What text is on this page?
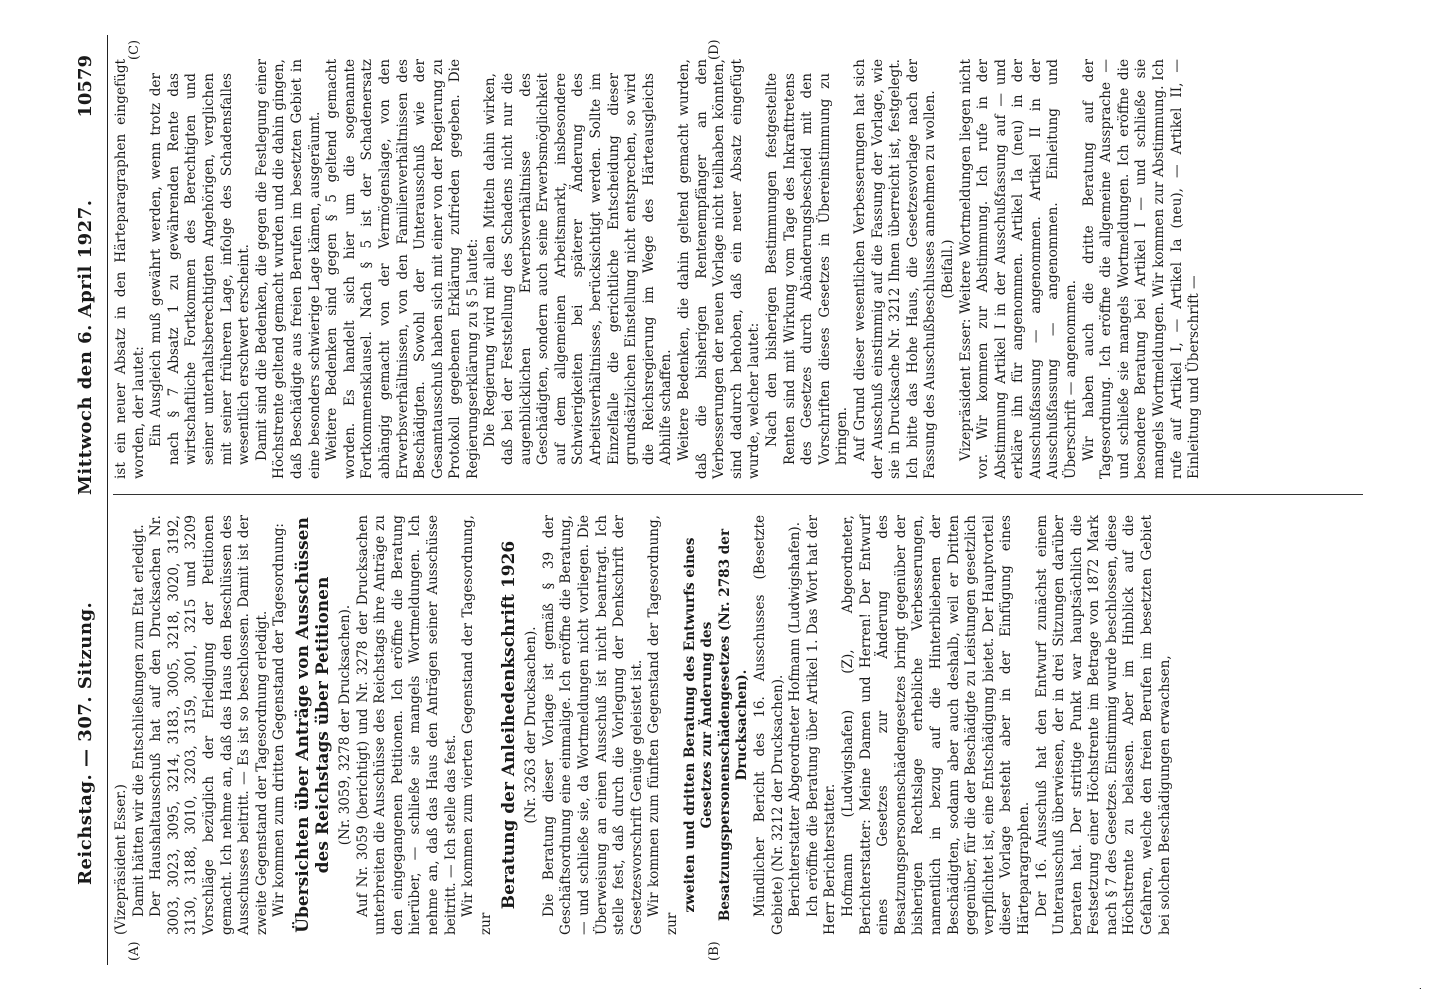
Reichstag. — 307. Sitzung.
Mittwoch den 6. April 1927.
10579
(A)	(B)
(C)	(D)

(Vizepräsident Esser.) Damit hätten wir die Entschließungen zum Etat erledigt. Der Haushaltausschuß hat auf den Drucksachen Nr. 3003, 3023, 3095, 3214, 3183, 3005, 3218, 3020, 3192, 3130, 3188, 3010, 3203, 3159, 3001, 3215 und 3209 Vorschläge bezüglich der Erledigung der Petitionen gemacht. Ich nehme an, daß das Haus den Beschlüssen des Ausschusses beitritt. — Es ist so beschlossen. Damit ist der zweite Gegenstand der Tagesordnung erledigt. Wir kommen zum dritten Gegenstand der Tagesordnung: Übersichten über Anträge von Ausschüssen des Reichstags über Petitionen (Nr. 3059, 3278 der Drucksachen). Auf Nr. 3059 (berichtigt) und Nr. 3278 der Drucksachen unterbreiten die Ausschüsse des Reichstags ihre Anträge zu den eingegangenen Petitionen. Ich eröffne die Beratung hierüber, — schließe sie mangels Wortmeldungen. Ich nehme an, daß das Haus den Anträgen seiner Ausschüsse beitritt. — Ich stelle das fest. Wir kommen zum vierten Gegenstand der Tagesordnung, zur

Beratung der Anleihedenkschrift 1926 (Nr. 3263 der Drucksachen). Die Beratung dieser Vorlage ist gemäß § 39 der Geschäftsordnung eine einmalige. Ich eröffne die Beratung, — und schließe sie, da Wortmeldungen nicht vorliegen. Die Überweisung an einen Ausschuß ist nicht beantragt. Ich stelle fest, daß durch die Vorlegung der Denkschrift der Gesetzesvorschrift Genüge geleistet ist. Wir kommen zum fünften Gegenstand der Tagesordnung, zur

zweiten und dritten Beratung des Entwurfs eines Gesetzes zur Änderung des Besatzungspersonenschädengesetzes (Nr. 2783 der Drucksachen). Mündlicher Bericht des 16. Ausschusses (Besetzte Gebiete) (Nr. 3212 der Drucksachen). Berichterstatter Abgeordneter Hofmann (Ludwigshafen). Ich eröffne die Beratung über Artikel 1. Das Wort hat der Herr Berichterstatter. Hofmann (Ludwigshafen) (Z), Abgeordneter, Berichterstatter: Meine Damen und Herren! Der Entwurf eines Gesetzes zur Änderung des Besatzungspersonenschädengesetzes bringt gegenüber der bisherigen Rechtslage erhebliche Verbesserungen, namentlich in bezug auf die Hinterbliebenen der Beschädigten, sodann aber auch deshalb, weil er Dritten gegenüber, für die der Beschädigte zu Leistungen gesetzlich verpflichtet ist, eine Entschädigung bietet. Der Hauptvorteil dieser Vorlage besteht aber in der Einfügung eines Härteparagraphen. Der 16. Ausschuß hat den Entwurf zunächst einem Unterausschuß überwiesen, der in drei Sitzungen darüber beraten hat. Der strittige Punkt war hauptsächlich die Festsetzung einer Höchstrente im Betrage von 1872 Mark nach § 7 des Gesetzes. Einstimmig wurde beschlossen, diese Höchstrente zu belassen. Aber im Hinblick auf die Gefahren, welche den freien Berufen im besetzten Gebiet bei solchen Beschädigungen erwachsen,

ist ein neuer Absatz in den Härteparagraphen eingefügt worden, der lautet: Ein Ausgleich muß gewährt werden, wenn trotz der nach § 7 Absatz 1 zu gewährenden Rente das wirtschaftliche Fortkommen des Berechtigten und seiner unterhaltsberechtigten Angehörigen, verglichen mit seiner früheren Lage, infolge des Schadensfalles wesentlich erschwert erscheint. Damit sind die Bedenken, die gegen die Festlegung einer Höchstrente geltend gemacht wurden und die dahin gingen, daß Beschädigte aus freien Berufen im besetzten Gebiet in eine besonders schwierige Lage kämen, ausgeräumt. Weitere Bedenken sind gegen § 5 geltend gemacht worden. Es handelt sich hier um die sogenannte Fortkommensklausel. Nach § 5 ist der Schadenersatz abhängig gemacht von der Vermögenslage, von den Erwerbsverhältnissen, von den Familienverhältnissen des Beschädigten. Sowohl der Unterausschuß wie der Gesamtausschuß haben sich mit einer von der Regierung zu Protokoll gegebenen Erklärung zufrieden gegeben. Die Regierungserklärung zu § 5 lautet: Die Regierung wird mit allen Mitteln dahin wirken, daß bei der Feststellung des Schadens nicht nur die augenblicklichen Erwerbsverhältnisse des Geschädigten, sondern auch seine Erwerbsmöglichkeit auf dem allgemeinen Arbeitsmarkt, insbesondere Schwierigkeiten bei späterer Änderung des Arbeitsverhältnisses, berücksichtigt werden. Sollte im Einzelfalle die gerichtliche Entscheidung dieser grundsätzlichen Einstellung nicht entsprechen, so wird die Reichsregierung im Wege des Härteausgleichs Abhilfe schaffen. Weitere Bedenken, die dahin geltend gemacht wurden, daß die bisherigen Rentenempfänger an den Verbesserungen der neuen Vorlage nicht teilhaben könnten, sind dadurch behoben, daß ein neuer Absatz eingefügt wurde, welcher lautet: Nach den bisherigen Bestimmungen festgestellte Renten sind mit Wirkung vom Tage des Inkrafttretens des Gesetzes durch Abänderungsbescheid mit den Vorschriften dieses Gesetzes in Übereinstimmung zu bringen. Auf Grund dieser wesentlichen Verbesserungen hat sich der Ausschuß einstimmig auf die Fassung der Vorlage, wie sie in Drucksache Nr. 3212 Ihnen überreicht ist, festgelegt. Ich bitte das Hohe Haus, die Gesetzesvorlage nach der Fassung des Ausschußbeschlusses annehmen zu wollen. (Beifall.) Vizepräsident Esser: Weitere Wortmeldungen liegen nicht vor. Wir kommen zur Abstimmung. Ich rufe in der Abstimmung Artikel I in der Ausschußfassung auf — und erkläre ihn für angenommen. Artikel Ia (neu) in der Ausschußfassung — angenommen. Artikel II in der Ausschußfassung — angenommen. Einleitung und Überschrift — angenommen. Wir haben auch die dritte Beratung auf der Tagesordnung. Ich eröffne die allgemeine Aussprache — und schließe sie mangels Wortmeldungen. Ich eröffne die besondere Beratung bei Artikel I — und schließe sie mangels Wortmeldungen. Wir kommen zur Abstimmung. Ich rufe auf Artikel I, — Artikel Ia (neu), — Artikel II, — Einleitung und Überschrift —

·
